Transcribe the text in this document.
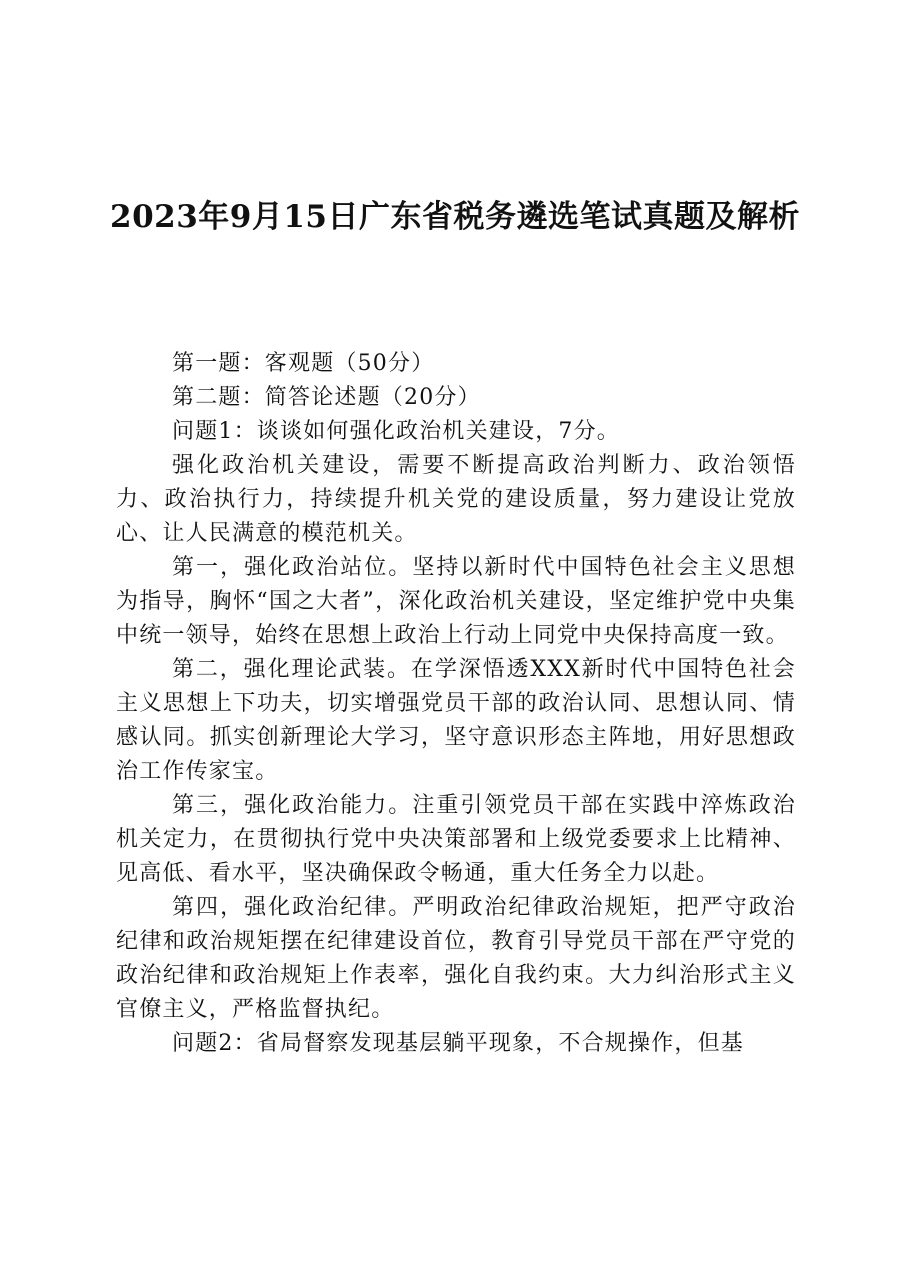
2023年9月15日广东省税务遴选笔试真题及解析

第一题：客观题（50分）

第二题：简答论述题（20分）

问题1：谈谈如何强化政治机关建设，7分。

强化政治机关建设，需要不断提高政治判断力、政治领悟力、政治执行力，持续提升机关党的建设质量，努力建设让党放心、让人民满意的模范机关。

第一，强化政治站位。坚持以新时代中国特色社会主义思想为指导，胸怀“国之大者”，深化政治机关建设，坚定维护党中央集中统一领导，始终在思想上政治上行动上同党中央保持高度一致。

第二，强化理论武装。在学深悟透XXX新时代中国特色社会主义思想上下功夫，切实增强党员干部的政治认同、思想认同、情感认同。抓实创新理论大学习，坚守意识形态主阵地，用好思想政治工作传家宝。

第三，强化政治能力。注重引领党员干部在实践中淬炼政治机关定力，在贯彻执行党中央决策部署和上级党委要求上比精神、见高低、看水平，坚决确保政令畅通，重大任务全力以赴。

第四，强化政治纪律。严明政治纪律政治规矩，把严守政治纪律和政治规矩摆在纪律建设首位，教育引导党员干部在严守党的政治纪律和政治规矩上作表率，强化自我约束。大力纠治形式主义官僚主义，严格监督执纪。

问题2：省局督察发现基层躺平现象，不合规操作，但基
